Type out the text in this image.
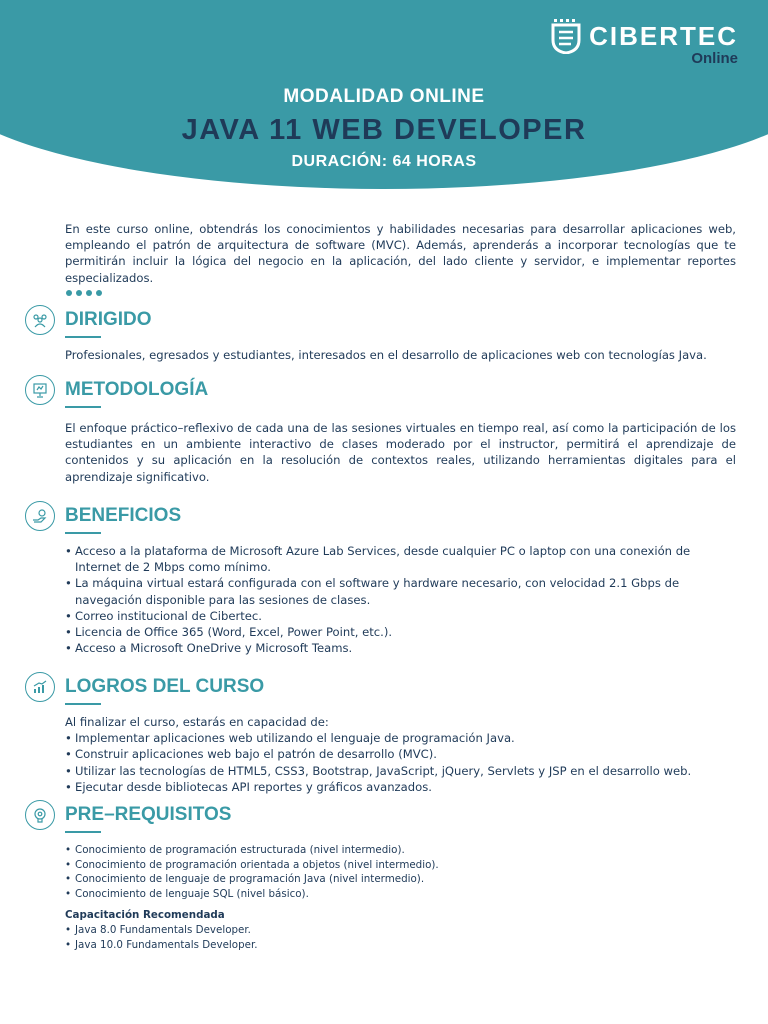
CIBERTEC
Online
MODALIDAD ONLINE
JAVA 11 WEB DEVELOPER
DURACIÓN: 64 HORAS

En este curso online, obtendrás los conocimientos y habilidades necesarias para desarrollar aplicaciones web, empleando el patrón de arquitectura de software (MVC). Además, aprenderás a incorporar tecnologías que te permitirán incluir la lógica del negocio en la aplicación, del lado cliente y servidor, e implementar reportes especializados.

DIRIGIDO

Profesionales, egresados y estudiantes, interesados en el desarrollo de aplicaciones web con tecnologías Java.

METODOLOGÍA

El enfoque práctico–reflexivo de cada una de las sesiones virtuales en tiempo real, así como la participación de los estudiantes en un ambiente interactivo de clases moderado por el instructor, permitirá el aprendizaje de contenidos y su aplicación en la resolución de contextos reales, utilizando herramientas digitales para el aprendizaje significativo.

BENEFICIOS
• Acceso a la plataforma de Microsoft Azure Lab Services, desde cualquier PC o laptop con una conexión de Internet de 2 Mbps como mínimo.
• La máquina virtual estará configurada con el software y hardware necesario, con velocidad 2.1 Gbps de navegación disponible para las sesiones de clases.
• Correo institucional de Cibertec.
• Licencia de Office 365 (Word, Excel, Power Point, etc.).
• Acceso a Microsoft OneDrive y Microsoft Teams.
LOGROS DEL CURSO
Al finalizar el curso, estarás en capacidad de:
• Implementar aplicaciones web utilizando el lenguaje de programación Java.
• Construir aplicaciones web bajo el patrón de desarrollo (MVC).
• Utilizar las tecnologías de HTML5, CSS3, Bootstrap, JavaScript, jQuery, Servlets y JSP en el desarrollo web.
• Ejecutar desde bibliotecas API reportes y gráficos avanzados.
PRE–REQUISITOS
• Conocimiento de programación estructurada (nivel intermedio).
• Conocimiento de programación orientada a objetos (nivel intermedio).
• Conocimiento de lenguaje de programación Java (nivel intermedio).
• Conocimiento de lenguaje SQL (nivel básico).
Capacitación Recomendada
• Java 8.0 Fundamentals Developer.
• Java 10.0 Fundamentals Developer.
